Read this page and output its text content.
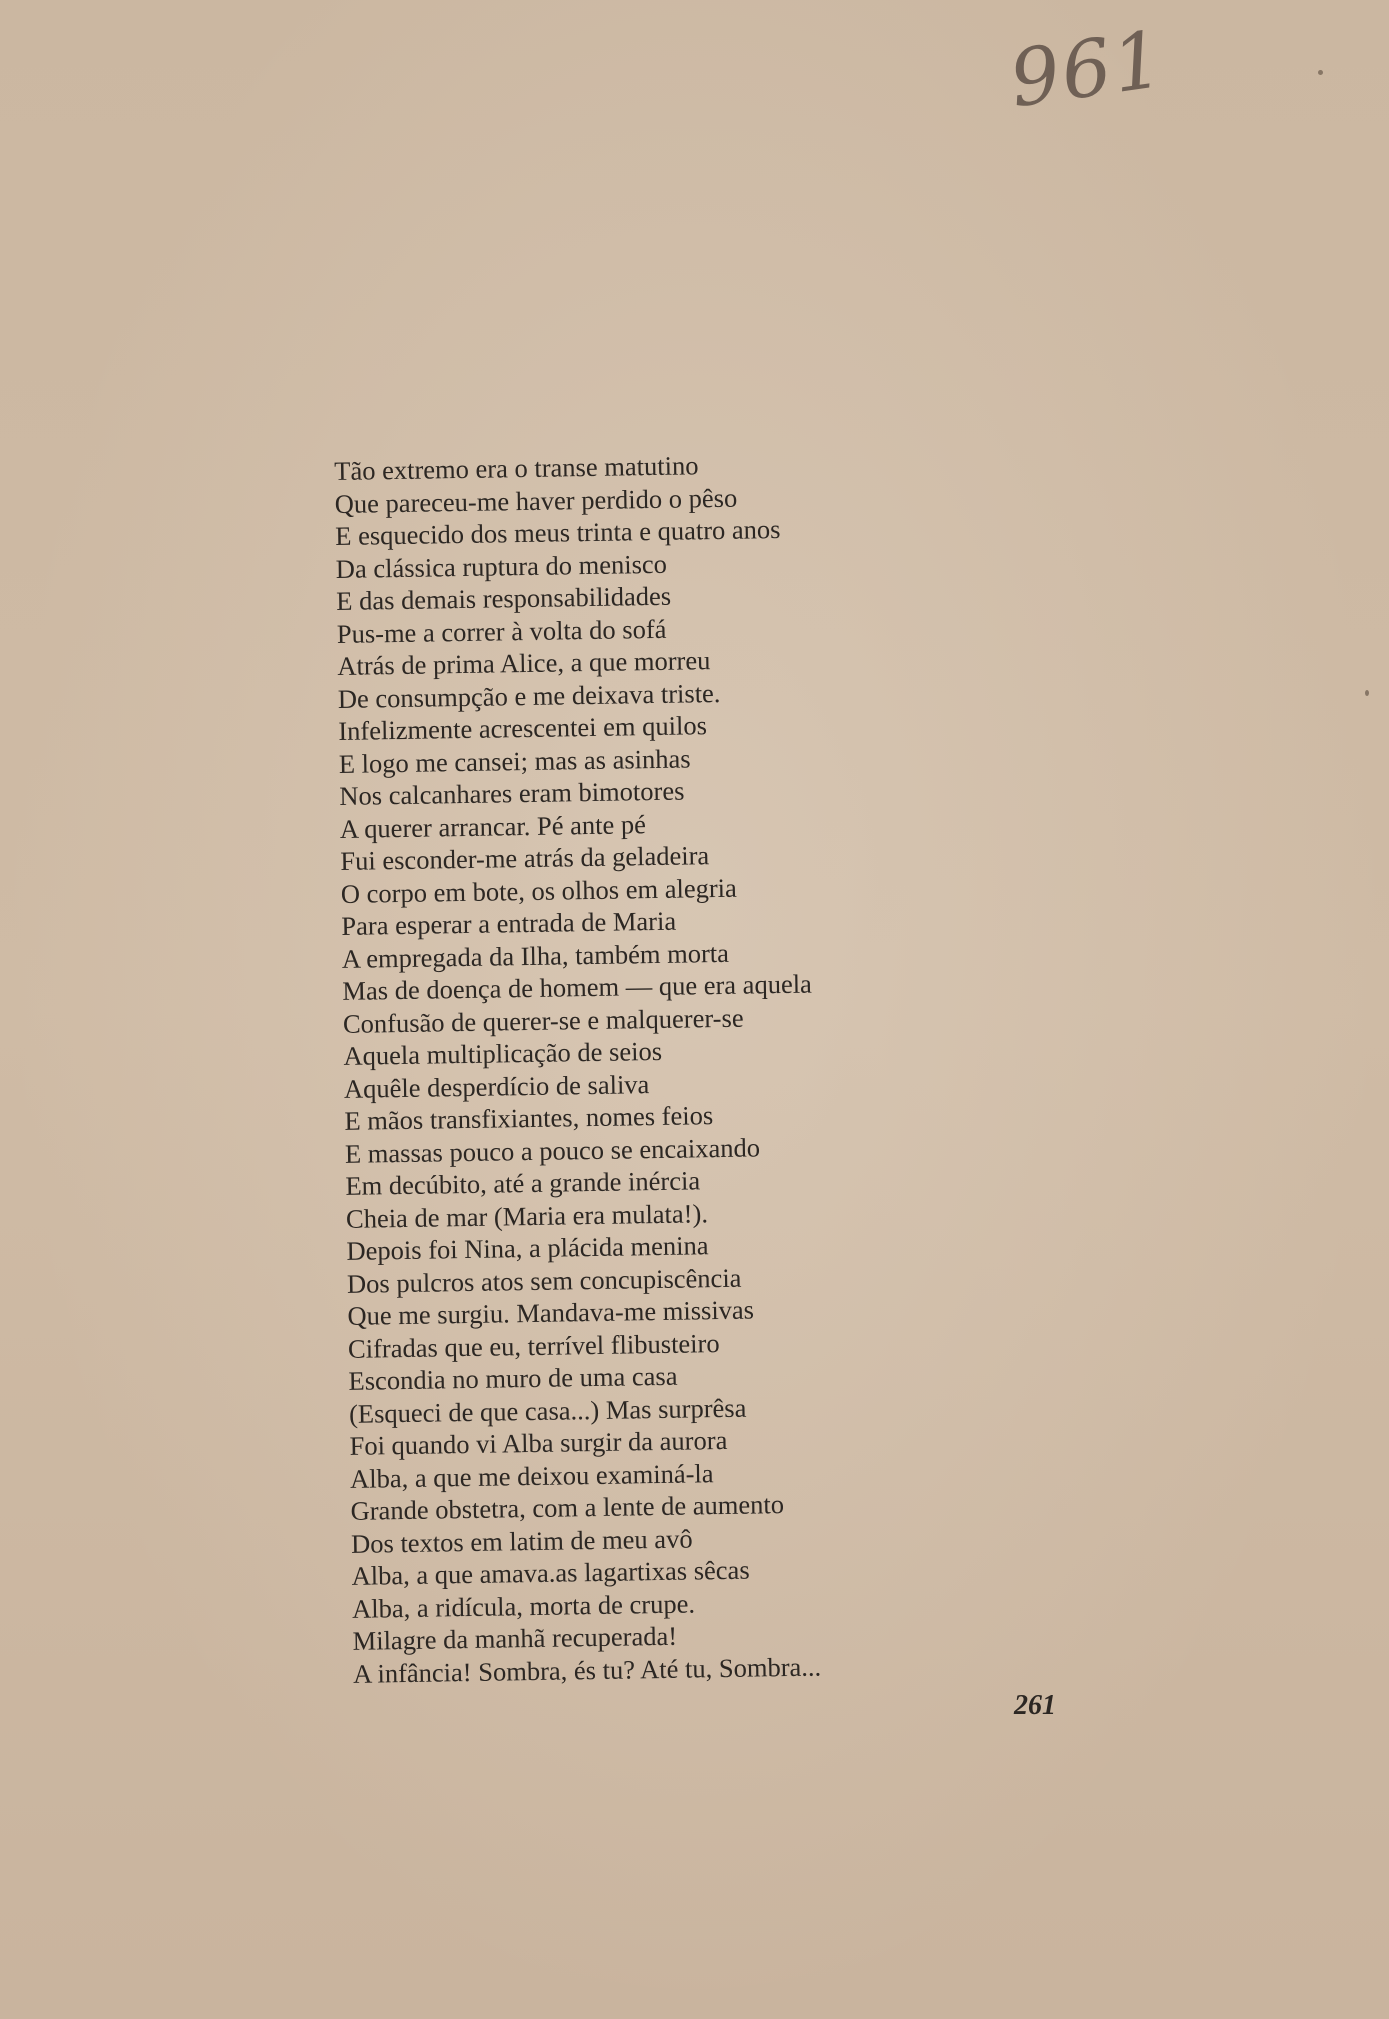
961
Tão extremo era o transe matutino
Que pareceu-me haver perdido o pêso
E esquecido dos meus trinta e quatro anos
Da clássica ruptura do menisco
E das demais responsabilidades
Pus-me a correr à volta do sofá
Atrás de prima Alice, a que morreu
De consumpção e me deixava triste.
Infelizmente acrescentei em quilos
E logo me cansei; mas as asinhas
Nos calcanhares eram bimotores
A querer arrancar. Pé ante pé
Fui esconder-me atrás da geladeira
O corpo em bote, os olhos em alegria
Para esperar a entrada de Maria
A empregada da Ilha, também morta
Mas de doença de homem — que era aquela
Confusão de querer-se e malquerer-se
Aquela multiplicação de seios
Aquêle desperdício de saliva
E mãos transfixiantes, nomes feios
E massas pouco a pouco se encaixando
Em decúbito, até a grande inércia
Cheia de mar (Maria era mulata!).
Depois foi Nina, a plácida menina
Dos pulcros atos sem concupiscência
Que me surgiu. Mandava-me missivas
Cifradas que eu, terrível flibusteiro
Escondia no muro de uma casa
(Esqueci de que casa...) Mas surprêsa
Foi quando vi Alba surgir da aurora
Alba, a que me deixou examiná-la
Grande obstetra, com a lente de aumento
Dos textos em latim de meu avô
Alba, a que amava.as lagartixas sêcas
Alba, a ridícula, morta de crupe.
Milagre da manhã recuperada!
A infância! Sombra, és tu? Até tu, Sombra...
261
